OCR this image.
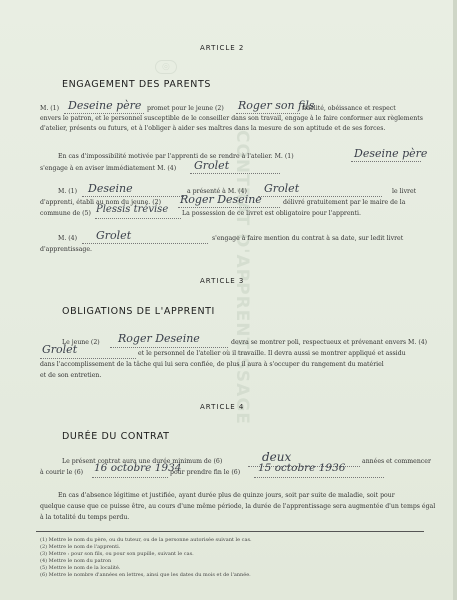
CONTRAT D'APPRENTISSAGE
◎
ARTICLE 2
ENGAGEMENT DES PARENTS
M. (1) Deseine père promet pour le jeune (2) Roger son fils
fidélité, obéissance et respect
envers le patron, et le personnel susceptible de le conseiller dans son travail, engage à le faire conformer aux règlements
d'atelier, présents ou futurs, et à l'obliger à aider ses maîtres dans la mesure de son aptitude et de ses forces.
En cas d'impossibilité motivée par l'apprenti de se rendre à l'atelier. M. (1)	Deseine père
s'engage à en aviser immédiatement M. (4) Grolet
M. (1) Deseine	a présenté à M. (4) Grolet	le livret
d'apprenti, établi au nom du jeune. (2) Roger Deseine	délivré gratuitement par le maire de la
commune de (5) Plessis trévise La possession de ce livret est obligatoire pour l'apprenti.
M. (4) Grolet	s'engage à faire mention du contrat à sa date, sur ledit livret
d'apprentissage.
ARTICLE 3
OBLIGATIONS DE L'APPRENTI
Le jeune (2) Roger Deseine	devra se montrer poli, respectueux et prévenant envers M. (4)
Grolet	et le personnel de l'atelier où il travaille. Il devra aussi se montrer appliqué et assidu
dans l'accomplissement de la tâche qui lui sera confiée, de plus il aura à s'occuper du rangement du matériel
et de son entretien.
ARTICLE 4
DURÉE DU CONTRAT
Le présent contrat aura une durée minimum de (6)	deux	années et commencer
à courir le (6) 16 octobre 1934
pour prendre fin le (6) 15 octobre 1936
En cas d'absence légitime et justifiée, ayant durée plus de quinze jours, soit par suite de maladie, soit pour
quelque cause que ce puisse être, au cours d'une même période, la durée de l'apprentissage sera augmentée d'un temps égal
à la totalité du temps perdu.
(1) Mettre le nom du père, ou du tuteur, ou de la personne autorisée suivant le cas.
(2) Mettre le nom de l'apprenti.
(3) Mettre : pour son fils, ou pour son pupille, suivant le cas.
(4) Mettre le nom du patron
(5) Mettre le nom de la localité.
(6) Mettre le nombre d'années en lettres, ainsi que les dates du mois et de l'année.
